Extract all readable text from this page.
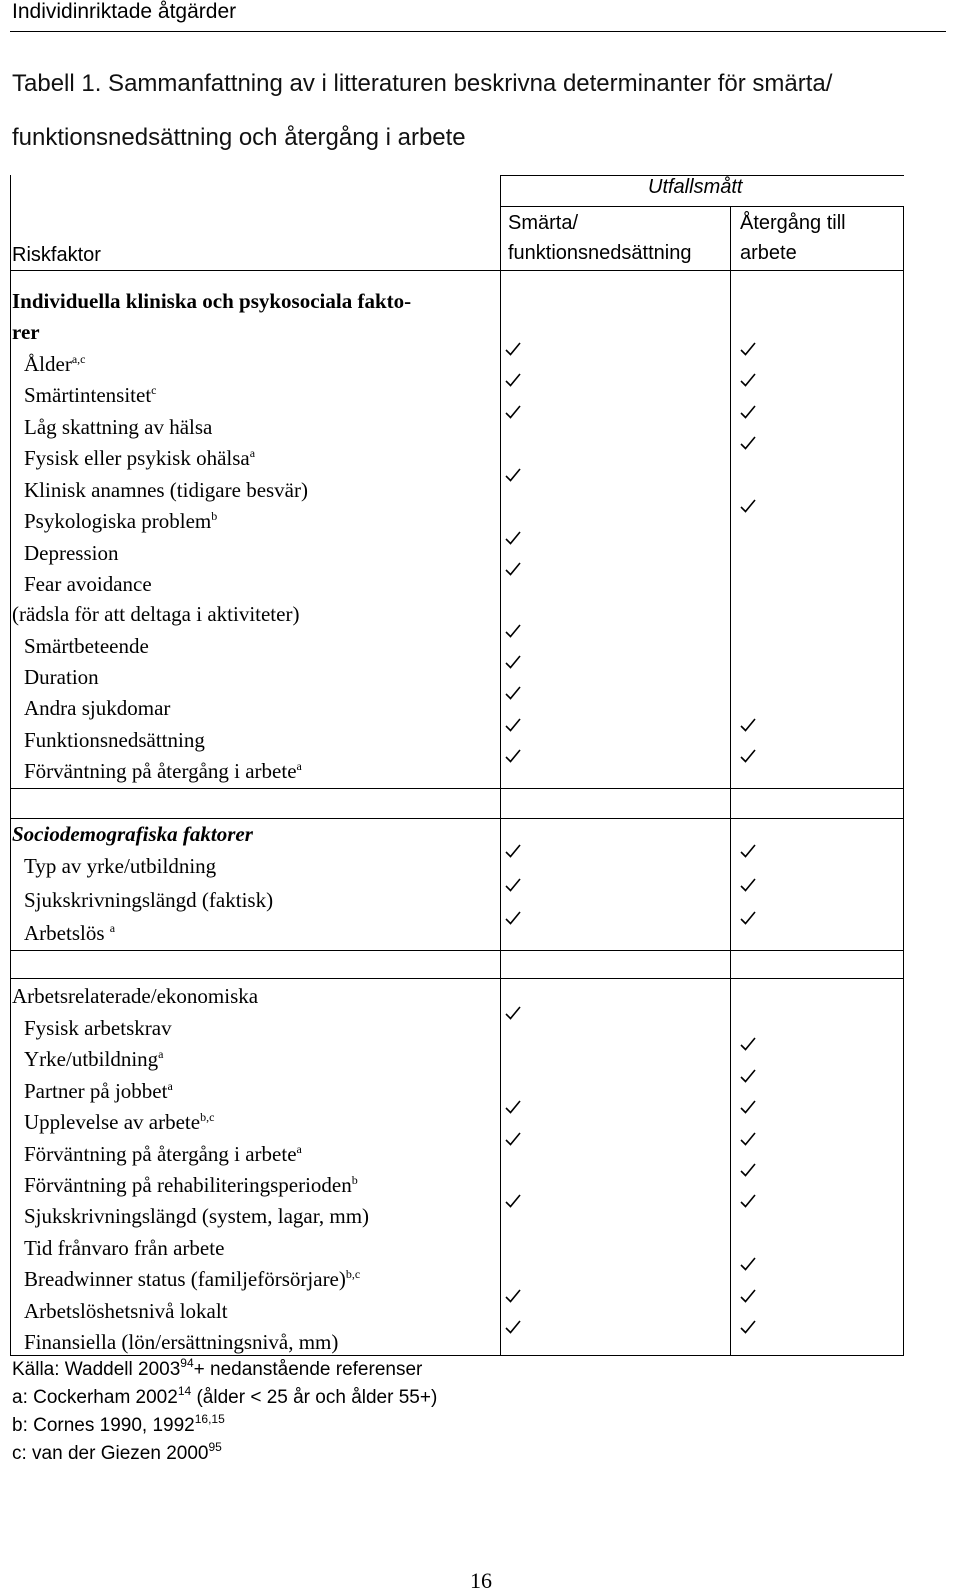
Individinriktade åtgärder
Tabell 1. Sammanfattning av i litteraturen beskrivna determinanter för smärta/
funktionsnedsättning och återgång i arbete
Utfallsmått
Riskfaktor
Smärta/
funktionsnedsättning
Återgång till
arbete
Individuella kliniska och psykosociala fakto-
rer
Sociodemografiska faktorer
Arbetsrelaterade/ekonomiska
Ålder$^{a,c}$
Smärtintensitet$^c$
Låg skattning av hälsa
Fysisk eller psykisk ohälsa$^a$
Klinisk anamnes (tidigare besvär)
Psykologiska problem$^b$
Depression
Fear avoidance
(rädsla för att deltaga i aktiviteter)
Smärtbeteende
Duration
Andra sjukdomar
Funktionsnedsättning
Förväntning på återgång i arbete$^a$
Typ av yrke/utbildning
Sjukskrivningslängd (faktisk)
Arbetslös $^a$
Fysisk arbetskrav
Yrke/utbildning$^a$
Partner på jobbet$^a$
Upplevelse av arbete$^{b,c}$
Förväntning på återgång i arbete$^a$
Förväntning på rehabiliteringsperioden$^b$
Sjukskrivningslängd (system, lagar, mm)
Tid frånvaro från arbete
Breadwinner status (familjeförsörjare)$^{b,c}$
Arbetslöshetsnivå lokalt
Finansiella (lön/ersättningsnivå, mm)
Källa: Waddell $2003^{94}+$ nedanstående referenser
a: Cockerham 2002$^{14}$ (ålder < 25 år och ålder 55+)
b: Cornes 1990, 1992$^{16,15}$
c: van der Giezen 2000$^{95}$
16
